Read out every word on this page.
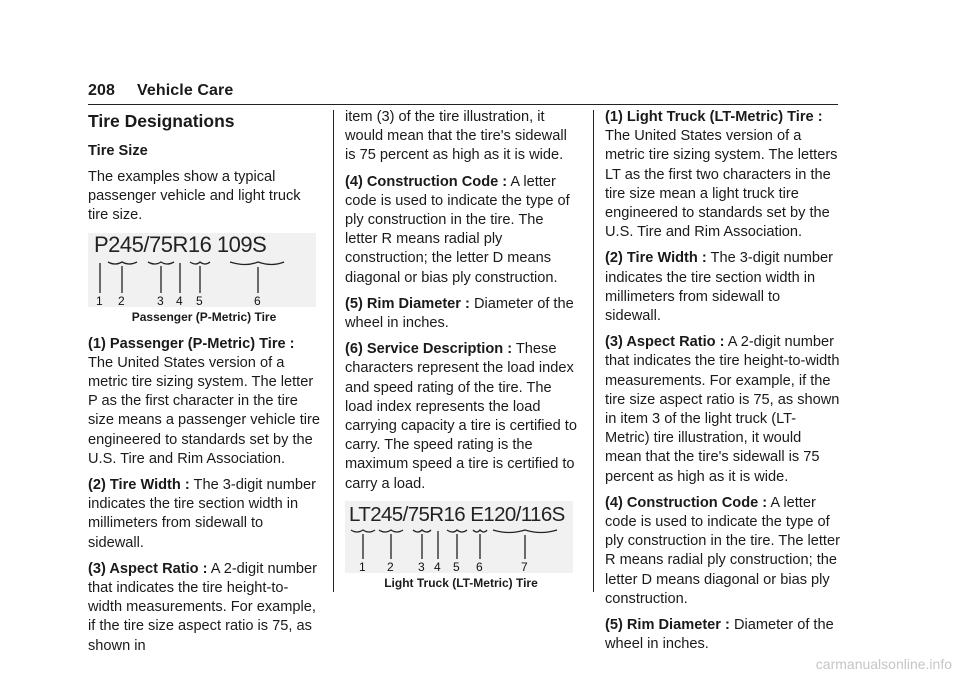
208 Vehicle Care
Tire Designations
Tire Size

The examples show a typical passenger vehicle and light truck tire size.

P245/75R16 109S
1 2	3 4 5	6
Passenger (P-Metric) Tire

(1) Passenger (P-Metric) Tire : The United States version of a metric tire sizing system. The letter P as the first character in the tire size means a passenger vehicle tire engineered to standards set by the U.S. Tire and Rim Association.

(2) Tire Width : The 3-digit number indicates the tire section width in millimeters from sidewall to sidewall.

(3) Aspect Ratio : A 2-digit number that indicates the tire height-to-width measurements. For example, if the tire size aspect ratio is 75, as shown in

item (3) of the tire illustration, it would mean that the tire's sidewall is 75 percent as high as it is wide.

(4) Construction Code : A letter code is used to indicate the type of ply construction in the tire. The letter R means radial ply construction; the letter D means diagonal or bias ply construction.

(5) Rim Diameter : Diameter of the wheel in inches.

(6) Service Description : These characters represent the load index and speed rating of the tire. The load index represents the load carrying capacity a tire is certified to carry. The speed rating is the maximum speed a tire is certified to carry a load.

LT245/75R16 E120/116S
1 2 3 4 5 6	7
Light Truck (LT-Metric) Tire

(1) Light Truck (LT-Metric) Tire : The United States version of a metric tire sizing system. The letters LT as the first two characters in the tire size mean a light truck tire engineered to standards set by the U.S. Tire and Rim Association.

(2) Tire Width : The 3-digit number indicates the tire section width in millimeters from sidewall to sidewall.

(3) Aspect Ratio : A 2-digit number that indicates the tire height-to-width measurements. For example, if the tire size aspect ratio is 75, as shown in item 3 of the light truck (LT-Metric) tire illustration, it would mean that the tire's sidewall is 75 percent as high as it is wide.

(4) Construction Code : A letter code is used to indicate the type of ply construction in the tire. The letter R means radial ply construction; the letter D means diagonal or bias ply construction.

(5) Rim Diameter : Diameter of the wheel in inches.

carmanualsonline.info
